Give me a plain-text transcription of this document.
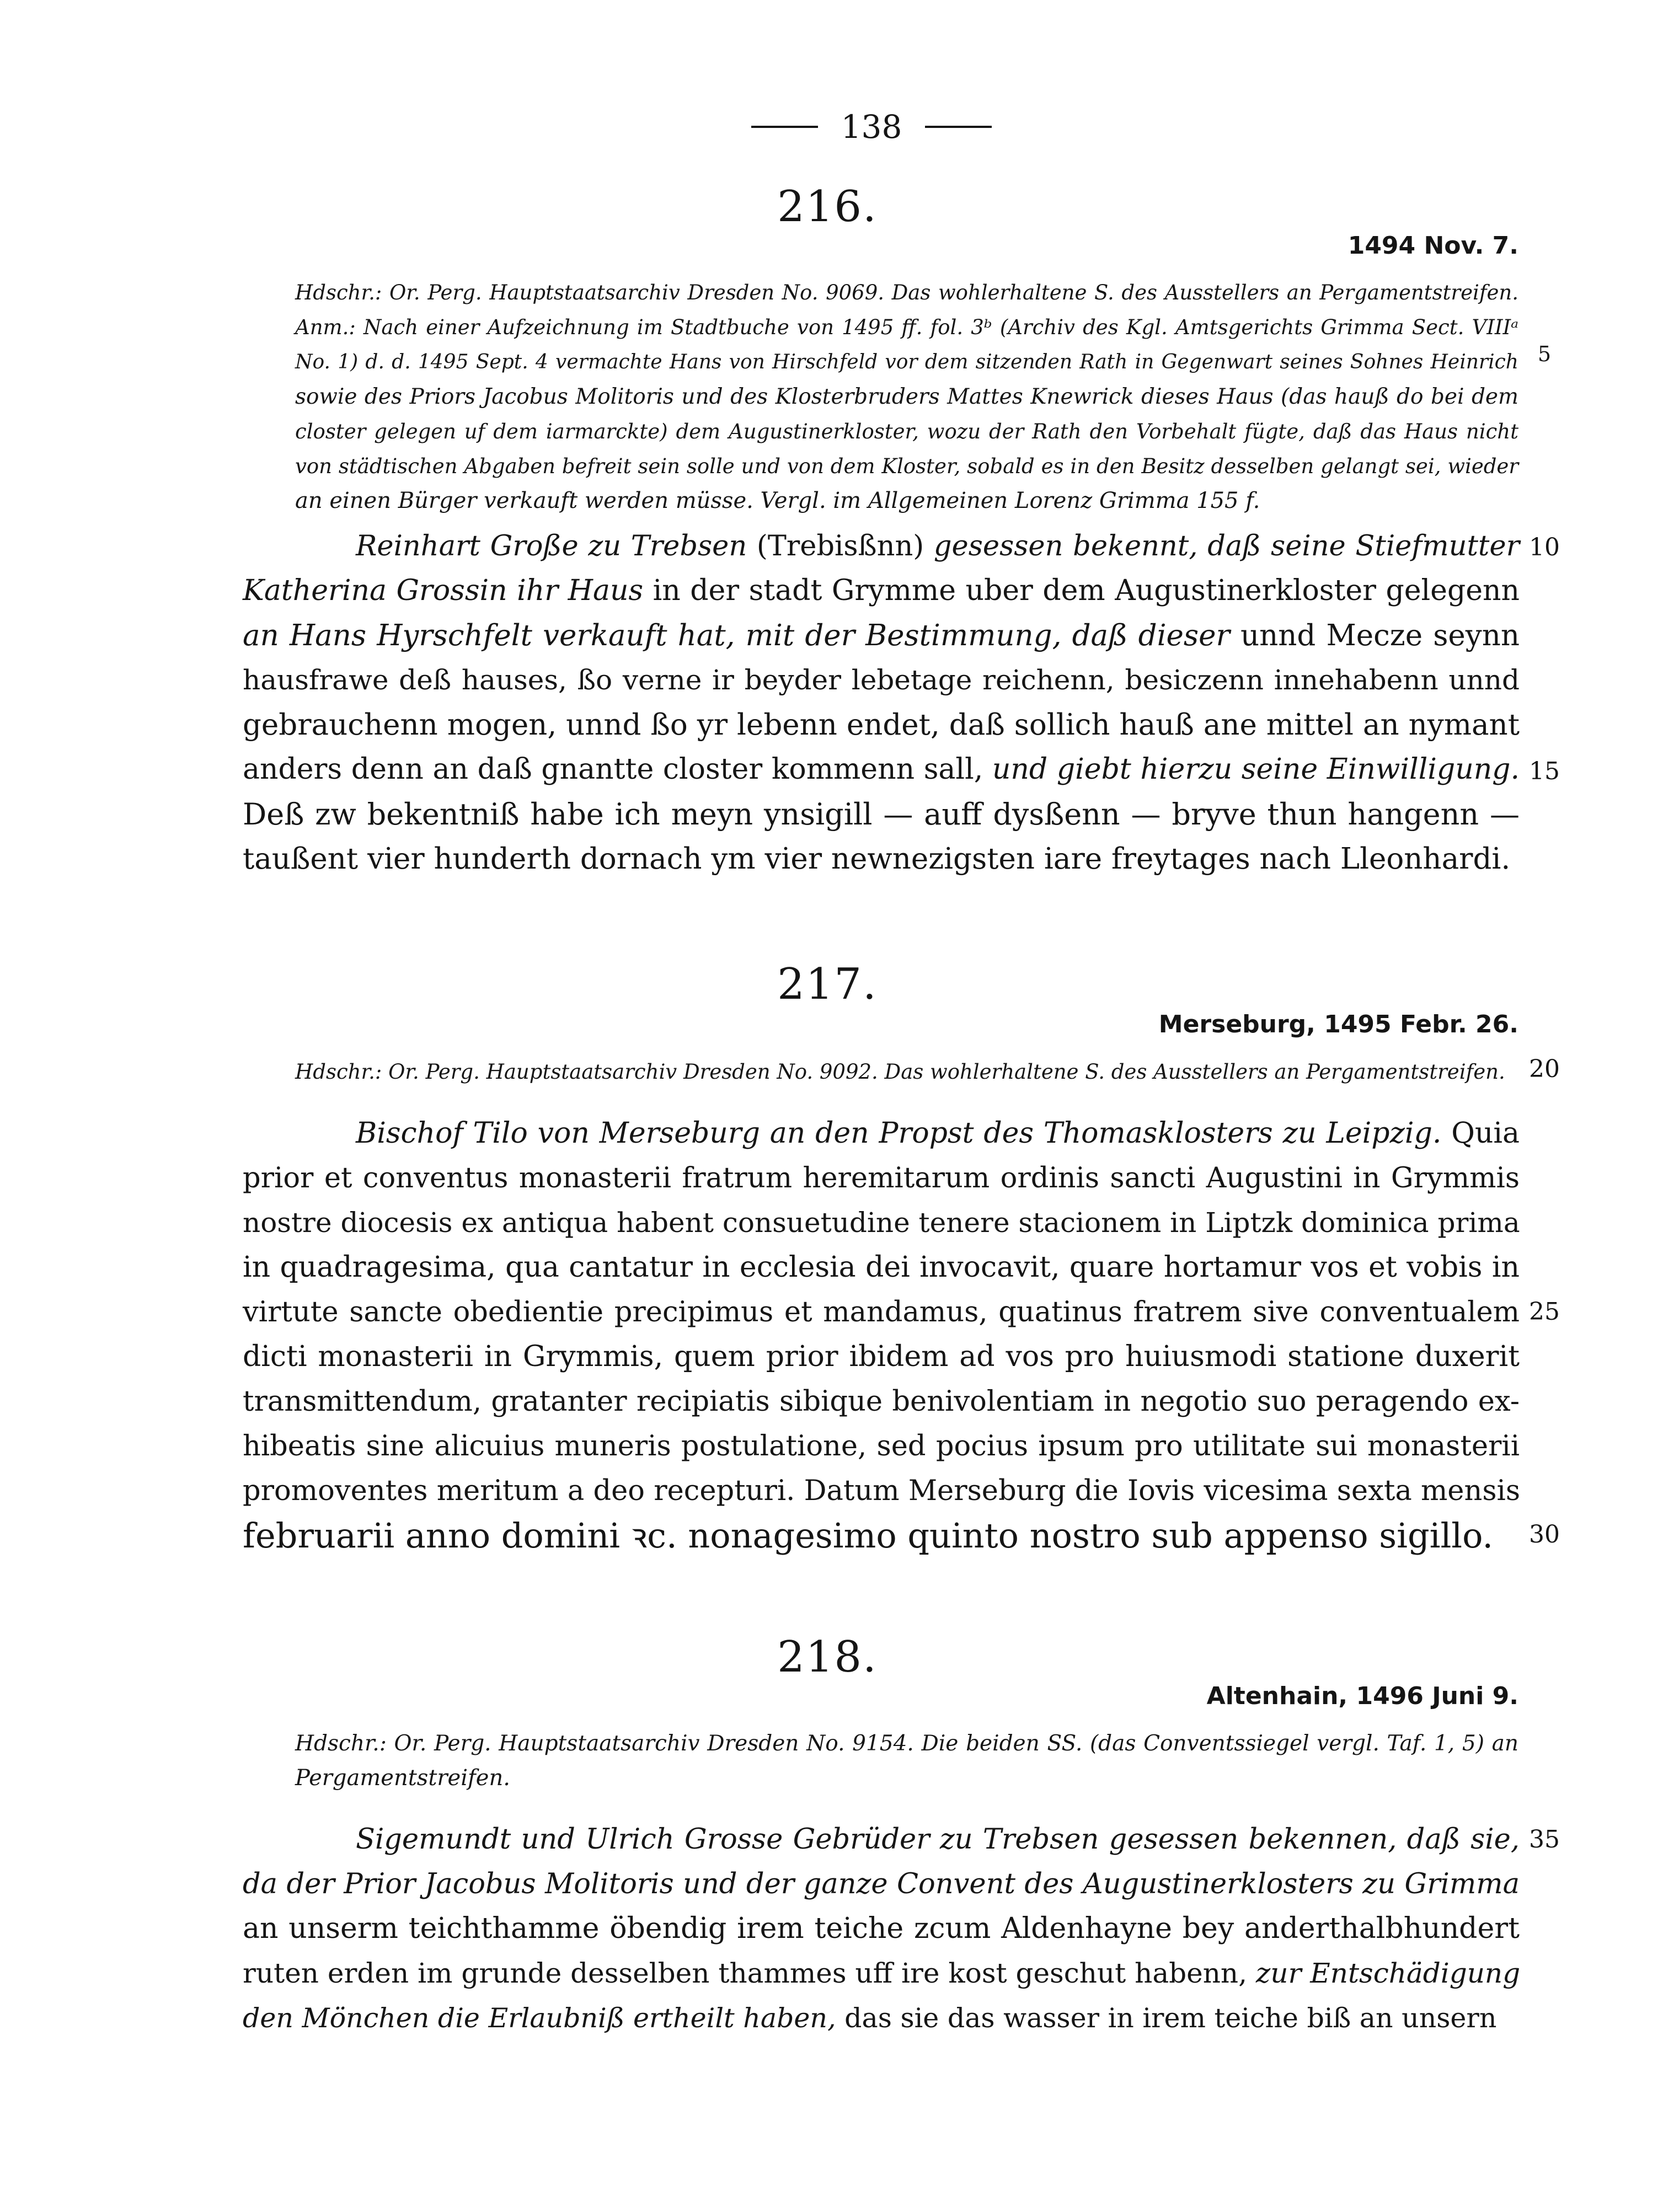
138
216.
1494 Nov. 7.
Hdschr.: Or. Perg. Hauptstaatsarchiv Dresden No. 9069. Das wohlerhaltene S. des Ausstellers an Pergamentstreifen.
Anm.: Nach einer Aufzeichnung im Stadtbuche von 1495 ff. fol. 3ᵇ (Archiv des Kgl. Amtsgerichts Grimma Sect. VIIIᵃ
No. 1) d. d. 1495 Sept. 4 vermachte Hans von Hirschfeld vor dem sitzenden Rath in Gegenwart seines Sohnes Heinrich
sowie des Priors Jacobus Molitoris und des Klosterbruders Mattes Knewrick dieses Haus (das hauß do bei dem
closter gelegen uf dem iarmarckte) dem Augustinerkloster, wozu der Rath den Vorbehalt fügte, daß das Haus nicht
von städtischen Abgaben befreit sein solle und von dem Kloster, sobald es in den Besitz desselben gelangt sei, wieder
an einen Bürger verkauft werden müsse. Vergl. im Allgemeinen Lorenz Grimma 155 f.
Reinhart Große zu Trebsen (Trebisßnn) gesessen bekennt, daß seine Stiefmutter
Katherina Grossin ihr Haus in der stadt Grymme uber dem Augustinerkloster gelegenn
an Hans Hyrschfelt verkauft hat, mit der Bestimmung, daß dieser unnd Mecze seynn
hausfrawe deß hauses, ßo verne ir beyder lebetage reichenn, besiczenn innehabenn unnd
gebrauchenn mogen, unnd ßo yr lebenn endet, daß sollich hauß ane mittel an nymant
anders denn an daß gnantte closter kommenn sall, und giebt hierzu seine Einwilligung.
Deß zw bekentniß habe ich meyn ynsigill — auff dysßenn — bryve thun hangenn —
taußent vier hunderth dornach ym vier newnezigsten iare freytages nach Lleonhardi.
217.
Merseburg, 1495 Febr. 26.
Hdschr.: Or. Perg. Hauptstaatsarchiv Dresden No. 9092. Das wohlerhaltene S. des Ausstellers an Pergamentstreifen.
Bischof Tilo von Merseburg an den Propst des Thomasklosters zu Leipzig. Quia
prior et conventus monasterii fratrum heremitarum ordinis sancti Augustini in Grymmis
nostre diocesis ex antiqua habent consuetudine tenere stacionem in Liptzk dominica prima
in quadragesima, qua cantatur in ecclesia dei invocavit, quare hortamur vos et vobis in
virtute sancte obedientie precipimus et mandamus, quatinus fratrem sive conventualem
dicti monasterii in Grymmis, quem prior ibidem ad vos pro huiusmodi statione duxerit
transmittendum, gratanter recipiatis sibique benivolentiam in negotio suo peragendo ex-
hibeatis sine alicuius muneris postulatione, sed pocius ipsum pro utilitate sui monasterii
promoventes meritum a deo recepturi. Datum Merseburg die Iovis vicesima sexta mensis
februarii anno domini ꝛc. nonagesimo quinto nostro sub appenso sigillo.
218.
Altenhain, 1496 Juni 9.
Hdschr.: Or. Perg. Hauptstaatsarchiv Dresden No. 9154. Die beiden SS. (das Conventssiegel vergl. Taf. 1, 5) an
Pergamentstreifen.
Sigemundt und Ulrich Grosse Gebrüder zu Trebsen gesessen bekennen, daß sie,
da der Prior Jacobus Molitoris und der ganze Convent des Augustinerklosters zu Grimma
an unserm teichthamme öbendig irem teiche zcum Aldenhayne bey anderthalbhundert
ruten erden im grunde desselben thammes uff ire kost geschut habenn, zur Entschädigung
den Mönchen die Erlaubniß ertheilt haben, das sie das wasser in irem teiche biß an unsern
5
10
15
20
25
30
35
